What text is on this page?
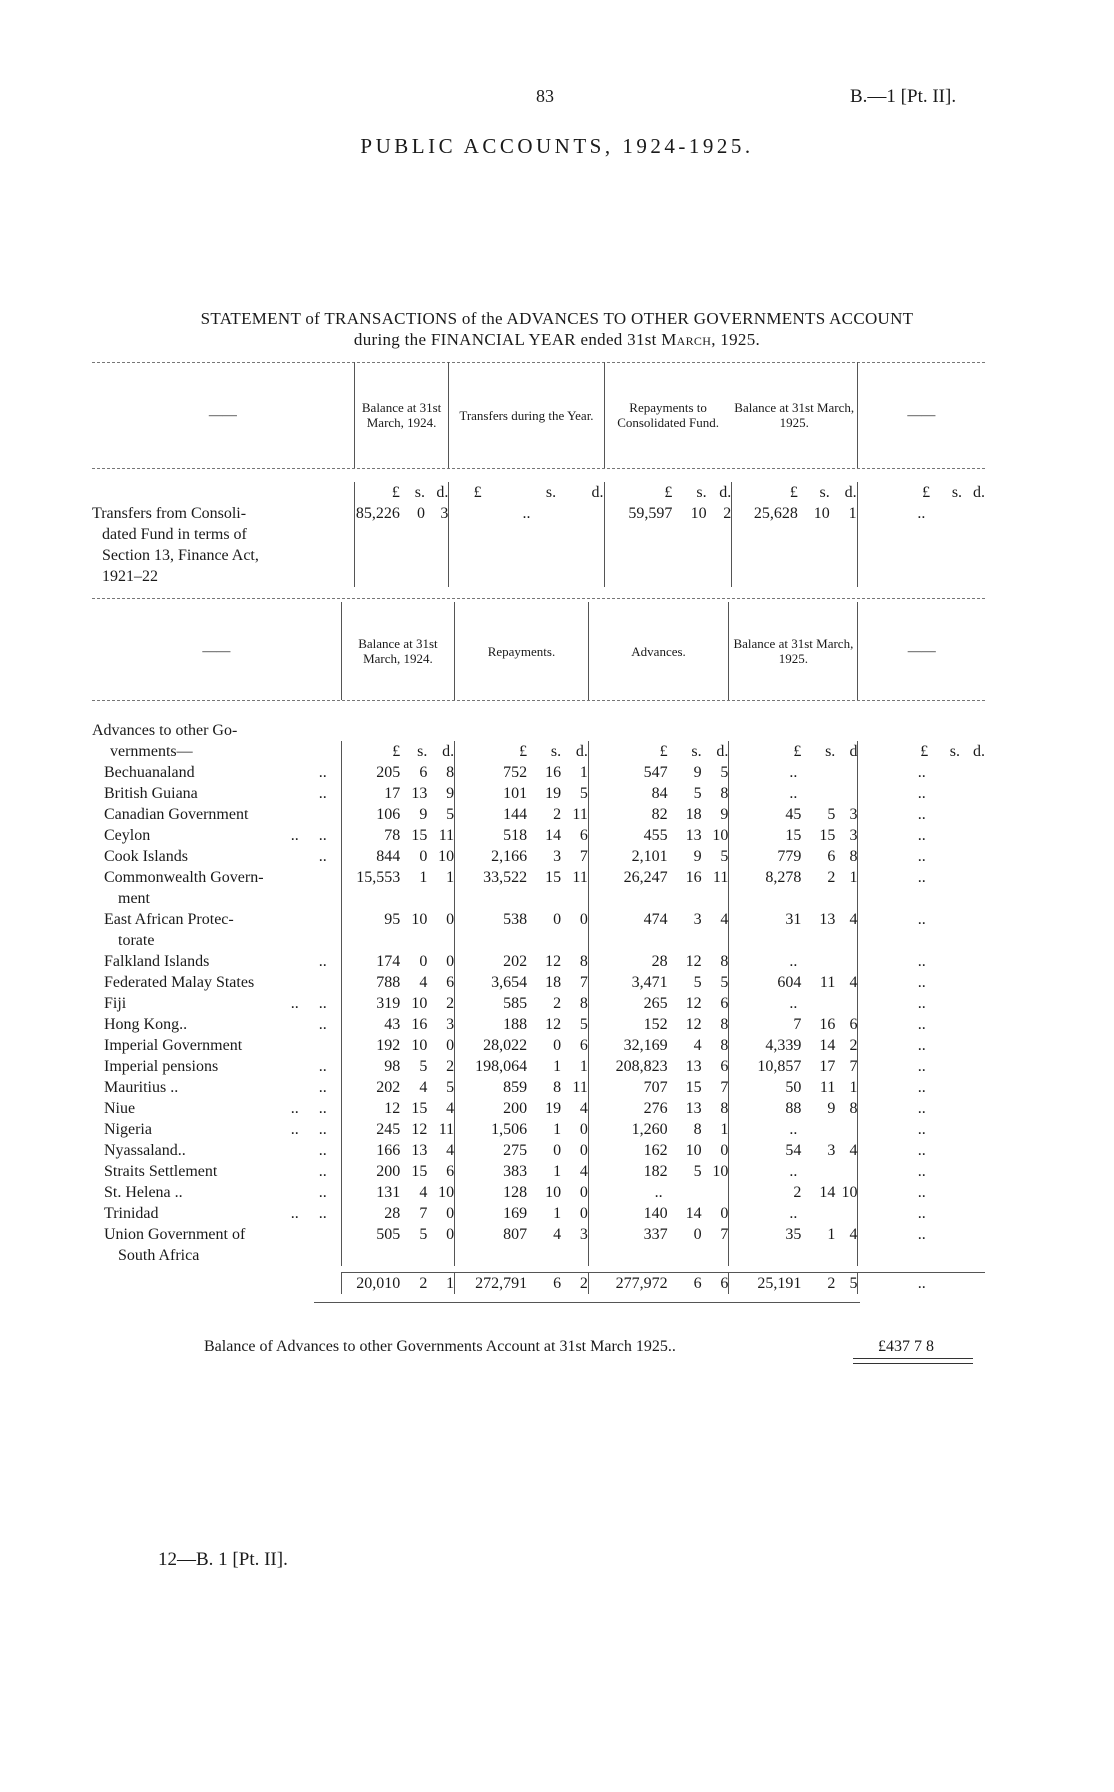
83	B.—1 [Pt. II].
PUBLIC ACCOUNTS, 1924-1925.
STATEMENT of TRANSACTIONS of the ADVANCES TO OTHER GOVERNMENTS ACCOUNT
during the FINANCIAL YEAR ended 31st March, 1925.
——	Balance at 31st March, 1924.			Transfers during the Year.			Repayments to Consolidated Fund.			Balance at 31st March, 1925.			——		

	£	s.	d.	£	s.	d.	£	s.	d.	£	s.	d.	£	s.	d.

Transfers from Consoli-
dated Fund in terms of
Section 13, Finance Act,
1921–22	85,226	0	3	..			59,597	10	2	25,628	10	1	..		
——	Balance at 31st March, 1924.			Repayments.			Advances.			Balance at 31st March, 1925.			——		

Advances to other Go-															
vernments—	£	s.	d.	£	s.	d.	£	s.	d.	£	s.	d	£	s.	d.

Bechuanaland ..	205	6	8	752	16	1	547	9	5	..			..		

British Guiana ..	17	13	9	101	19	5	84	5	8	..			..		

Canadian Government	106	9	5	144	2	11	82	18	9	45	5	3	..		

Ceylon ..     ..	78	15	11	518	14	6	455	13	10	15	15	3	..		

Cook Islands ..	844	0	10	2,166	3	7	2,101	9	5	779	6	8	..		

Commonwealth Govern-
ment	15,553	1	1	33,522	15	11	26,247	16	11	8,278	2	1	..		

East African Protec-
torate	95	10	0	538	0	0	474	3	4	31	13	4	..		

Falkland Islands ..	174	0	0	202	12	8	28	12	8	..			..		

Federated Malay States	788	4	6	3,654	18	7	3,471	5	5	604	11	4	..		

Fiji ..     ..	319	10	2	585	2	8	265	12	6	..			..		

Hong Kong.. ..	43	16	3	188	12	5	152	12	8	7	16	6	..		

Imperial Government	192	10	0	28,022	0	6	32,169	4	8	4,339	14	2	..		

Imperial pensions ..	98	5	2	198,064	1	1	208,823	13	6	10,857	17	7	..		

Mauritius .. ..	202	4	5	859	8	11	707	15	7	50	11	1	..		

Niue ..     ..	12	15	4	200	19	4	276	13	8	88	9	8	..		

Nigeria ..     ..	245	12	11	1,506	1	0	1,260	8	1	..			..		

Nyassaland.. ..	166	13	4	275	0	0	162	10	0	54	3	4	..		

Straits Settlement ..	200	15	6	383	1	4	182	5	10	..			..		

St. Helena .. ..	131	4	10	128	10	0	..			2	14	10	..		

Trinidad ..     ..	28	7	0	169	1	0	140	14	0	..			..		

Union Government of
South Africa	505	5	0	807	4	3	337	0	7	35	1	4	..		

	20,010	2	1	272,791	6	2	277,972	6	6	25,191	2	5	..		
Balance of Advances to other Governments Account at 31st March 1925..	£437 7 8
12—B. 1 [Pt. II].
